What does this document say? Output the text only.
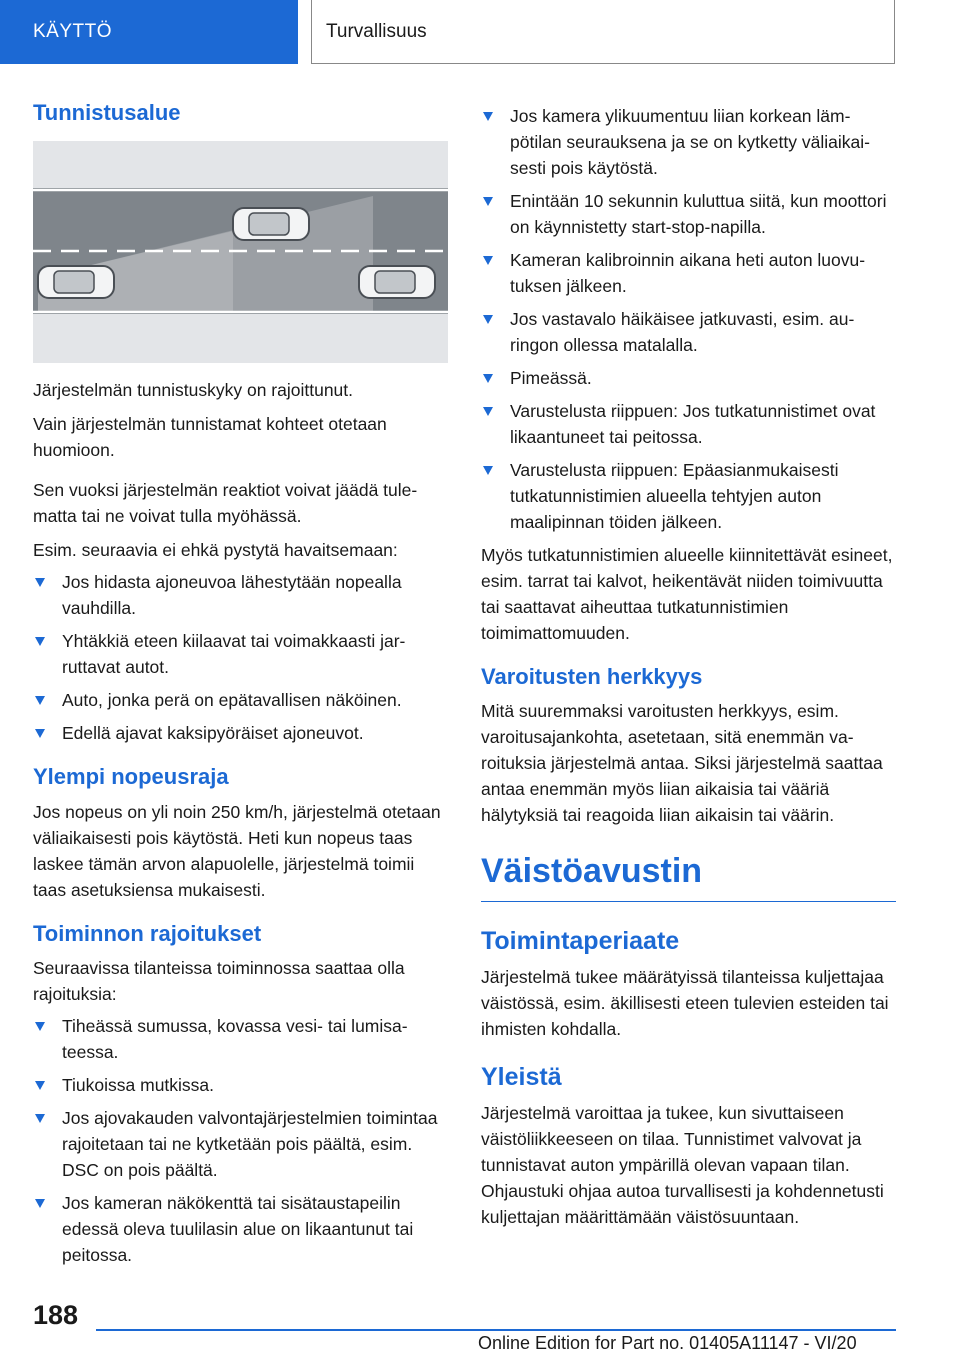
KÄYTTÖ	Turvallisuus
Tunnistusalue

Järjestelmän tunnistuskyky on rajoittunut.

Vain järjestelmän tunnistamat kohteet otetaan huomioon.

Sen vuoksi järjestelmän reaktiot voivat jäädä tulematta tai ne voivat tulla myöhässä.

Esim. seuraavia ei ehkä pystytä havaitsemaan:

Jos hidasta ajoneuvoa lähestytään nopealla vauhdilla.
Yhtäkkiä eteen kiilaavat tai voimakkaasti jarruttavat autot.
Auto, jonka perä on epätavallisen näköinen.
Edellä ajavat kaksipyöräiset ajoneuvot.
Ylempi nopeusraja

Jos nopeus on yli noin 250 km/h, järjestelmä otetaan väliaikaisesti pois käytöstä. Heti kun nopeus taas laskee tämän arvon alapuolelle, järjestelmä toimii taas asetuksiensa mukaisesti.

Toiminnon rajoitukset

Seuraavissa tilanteissa toiminnossa saattaa olla rajoituksia:

Tiheässä sumussa, kovassa vesi- tai lumisateessa.
Tiukoissa mutkissa.
Jos ajovakauden valvontajärjestelmien toimintaa rajoitetaan tai ne kytketään pois päältä, esim. DSC on pois päältä.
Jos kameran näkökenttä tai sisätaustapeilin edessä oleva tuulilasin alue on likaantunut tai peitossa.
Jos kamera ylikuumentuu liian korkean lämpötilan seurauksena ja se on kytketty väliaikaisesti pois käytöstä.
Enintään 10 sekunnin kuluttua siitä, kun moottori on käynnistetty start-stop-napilla.
Kameran kalibroinnin aikana heti auton luovutuksen jälkeen.
Jos vastavalo häikäisee jatkuvasti, esim. auringon ollessa matalalla.
Pimeässä.
Varustelusta riippuen: Jos tutkatunnistimet ovat likaantuneet tai peitossa.
Varustelusta riippuen: Epäasianmukaisesti tutkatunnistimien alueella tehtyjen auton maalipinnan töiden jälkeen.

Myös tutkatunnistimien alueelle kiinnitettävät esineet, esim. tarrat tai kalvot, heikentävät niiden toimivuutta tai saattavat aiheuttaa tutkatunnistimien toimimattomuuden.

Varoitusten herkkyys

Mitä suuremmaksi varoitusten herkkyys, esim. varoitusajankohta, asetetaan, sitä enemmän varoituksia järjestelmä antaa. Siksi järjestelmä saattaa antaa enemmän myös liian aikaisia tai vääriä hälytyksiä tai reagoida liian aikaisin tai väärin.

Väistöavustin
Toimintaperiaate

Järjestelmä tukee määrätyissä tilanteissa kuljettajaa väistössä, esim. äkillisesti eteen tulevien esteiden tai ihmisten kohdalla.

Yleistä

Järjestelmä varoittaa ja tukee, kun sivuttaiseen väistöliikkeeseen on tilaa. Tunnistimet valvovat ja tunnistavat auton ympärillä olevan vapaan tilan. Ohjaustuki ohjaa autoa turvallisesti ja kohdennetusti kuljettajan määrittämään väistösuuntaan.

188
Online Edition for Part no. 01405A11147 - VI/20
